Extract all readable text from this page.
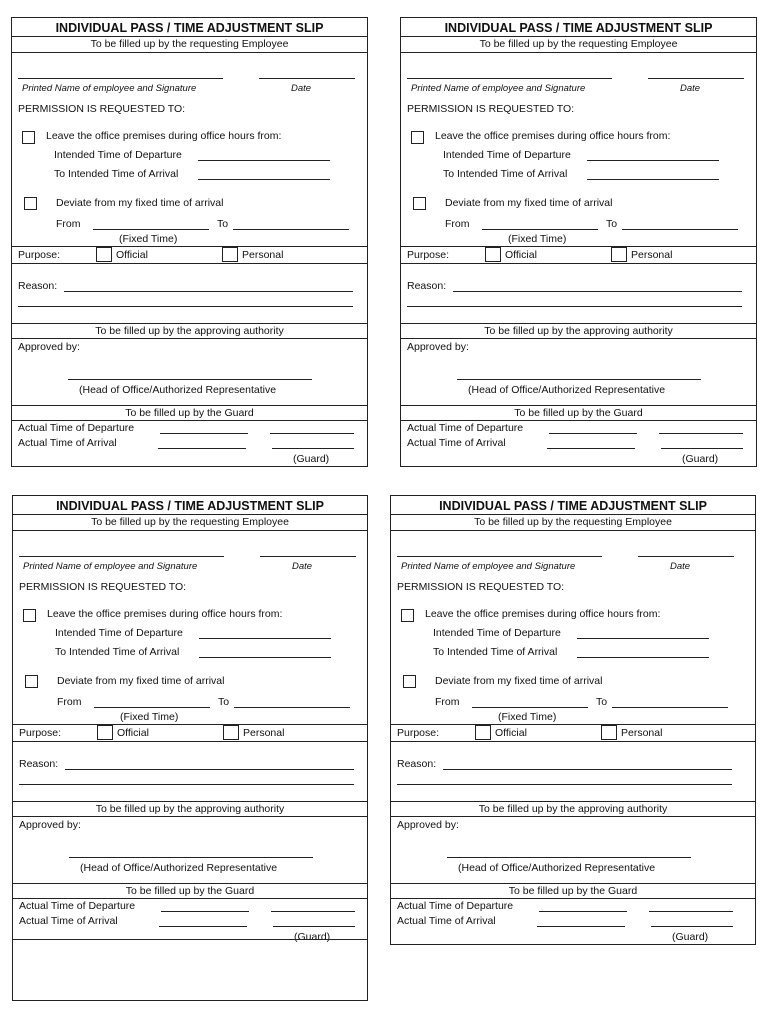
INDIVIDUAL PASS / TIME ADJUSTMENT SLIP
To be filled up by the requesting Employee
Printed Name of employee and Signature	Date
PERMISSION IS REQUESTED TO:
Leave the office premises during office hours from:
Intended Time of Departure
To Intended Time of Arrival
Deviate from my fixed time of arrival
From	To
(Fixed Time)
Purpose:	Official	Personal
Reason:
To be filled up by the approving authority
Approved by:
(Head of Office/Authorized Representative
To be filled up by the Guard
Actual Time of Departure
Actual Time of Arrival
(Guard)
INDIVIDUAL PASS / TIME ADJUSTMENT SLIP
To be filled up by the requesting Employee
Printed Name of employee and Signature	Date
PERMISSION IS REQUESTED TO:
Leave the office premises during office hours from:
Intended Time of Departure
To Intended Time of Arrival
Deviate from my fixed time of arrival
From	To
(Fixed Time)
Purpose:	Official	Personal
Reason:
To be filled up by the approving authority
Approved by:
(Head of Office/Authorized Representative
To be filled up by the Guard
Actual Time of Departure
Actual Time of Arrival
(Guard)
INDIVIDUAL PASS / TIME ADJUSTMENT SLIP
To be filled up by the requesting Employee
Printed Name of employee and Signature	Date
PERMISSION IS REQUESTED TO:
Leave the office premises during office hours from:
Intended Time of Departure
To Intended Time of Arrival
Deviate from my fixed time of arrival
From	To
(Fixed Time)
Purpose:	Official	Personal
Reason:
To be filled up by the approving authority
Approved by:
(Head of Office/Authorized Representative
To be filled up by the Guard
Actual Time of Departure
Actual Time of Arrival
(Guard)
INDIVIDUAL PASS / TIME ADJUSTMENT SLIP
To be filled up by the requesting Employee
Printed Name of employee and Signature	Date
PERMISSION IS REQUESTED TO:
Leave the office premises during office hours from:
Intended Time of Departure
To Intended Time of Arrival
Deviate from my fixed time of arrival
From	To
(Fixed Time)
Purpose:	Official	Personal
Reason:
To be filled up by the approving authority
Approved by:
(Head of Office/Authorized Representative
To be filled up by the Guard
Actual Time of Departure
Actual Time of Arrival
(Guard)
